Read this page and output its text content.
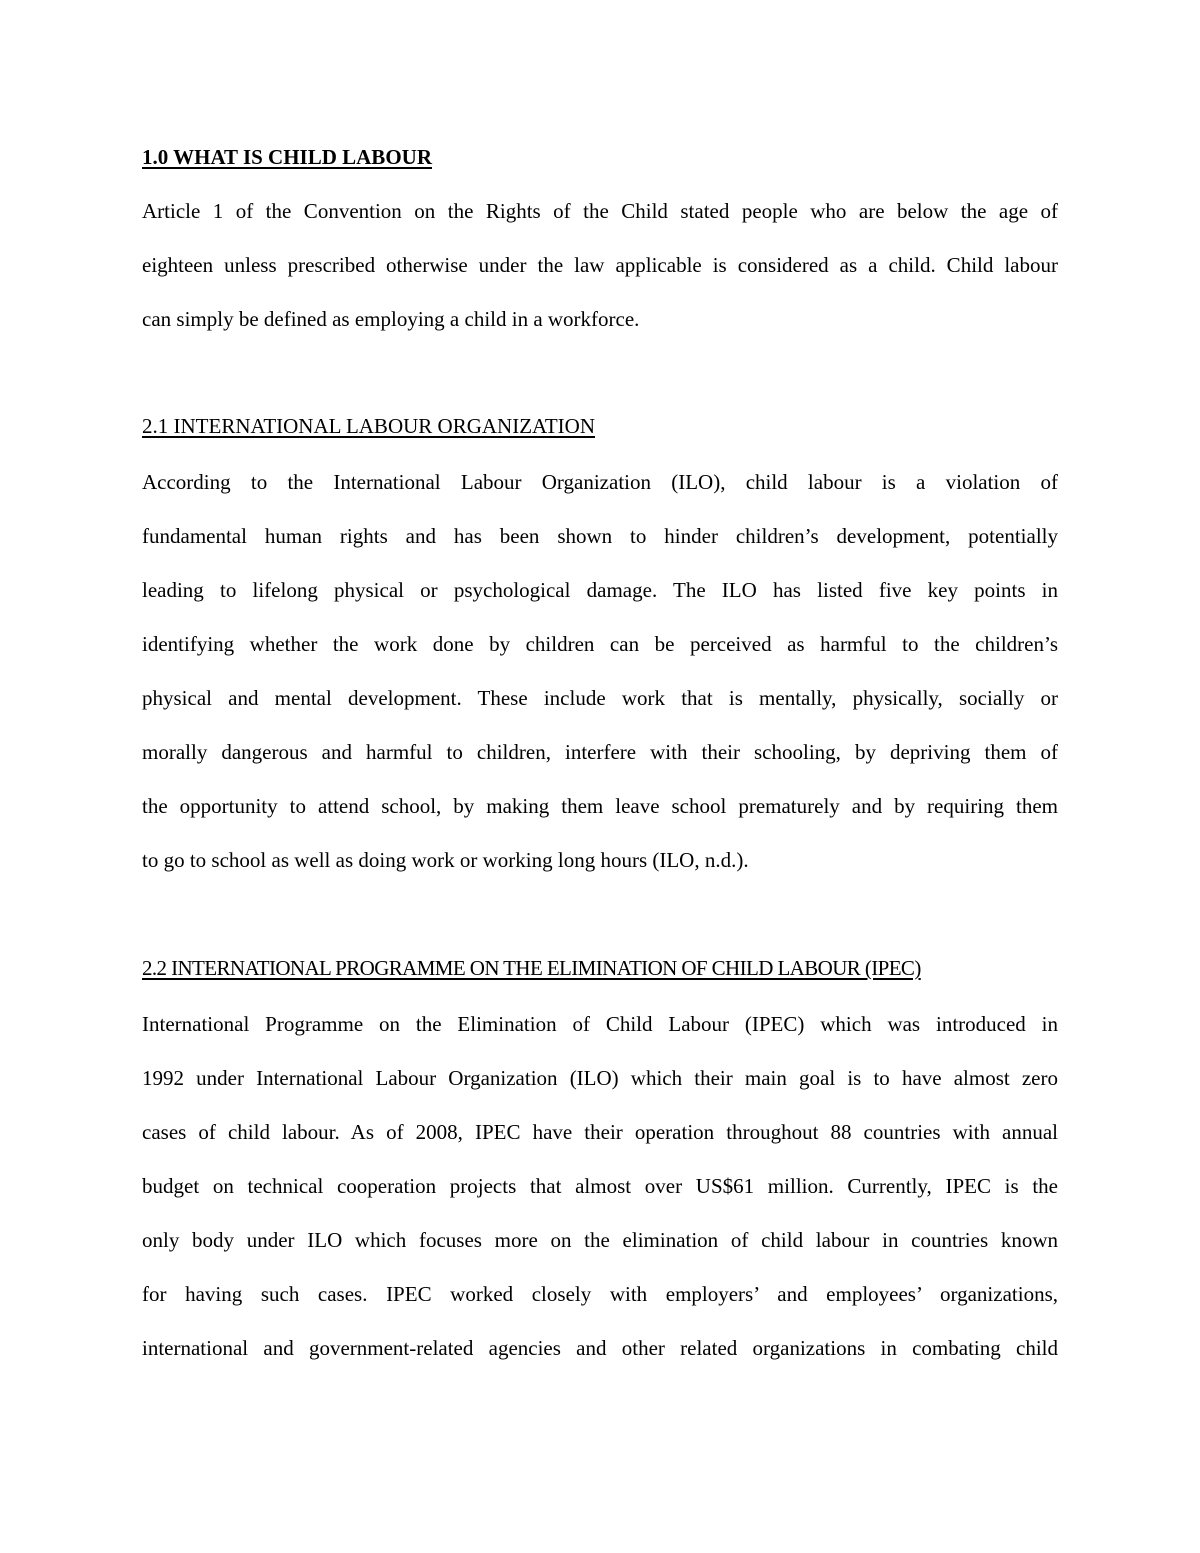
1.0 WHAT IS CHILD LABOUR
Article 1 of the Convention on the Rights of the Child stated people who are below the age of
eighteen unless prescribed otherwise under the law applicable is considered as a child. Child labour
can simply be defined as employing a child in a workforce.
2.1 INTERNATIONAL LABOUR ORGANIZATION
According to the International Labour Organization (ILO), child labour is a violation of
fundamental human rights and has been shown to hinder children’s development, potentially
leading to lifelong physical or psychological damage. The ILO has listed five key points in
identifying whether the work done by children can be perceived as harmful to the children’s
physical and mental development. These include work that is mentally, physically, socially or
morally dangerous and harmful to children, interfere with their schooling, by depriving them of
the opportunity to attend school, by making them leave school prematurely and by requiring them
to go to school as well as doing work or working long hours (ILO, n.d.).
2.2 INTERNATIONAL PROGRAMME ON THE ELIMINATION OF CHILD LABOUR (IPEC)
International Programme on the Elimination of Child Labour (IPEC) which was introduced in
1992 under International Labour Organization (ILO) which their main goal is to have almost zero
cases of child labour. As of 2008, IPEC have their operation throughout 88 countries with annual
budget on technical cooperation projects that almost over US$61 million. Currently, IPEC is the
only body under ILO which focuses more on the elimination of child labour in countries known
for having such cases. IPEC worked closely with employers’ and employees’ organizations,
international and government-related agencies and other related organizations in combating child
